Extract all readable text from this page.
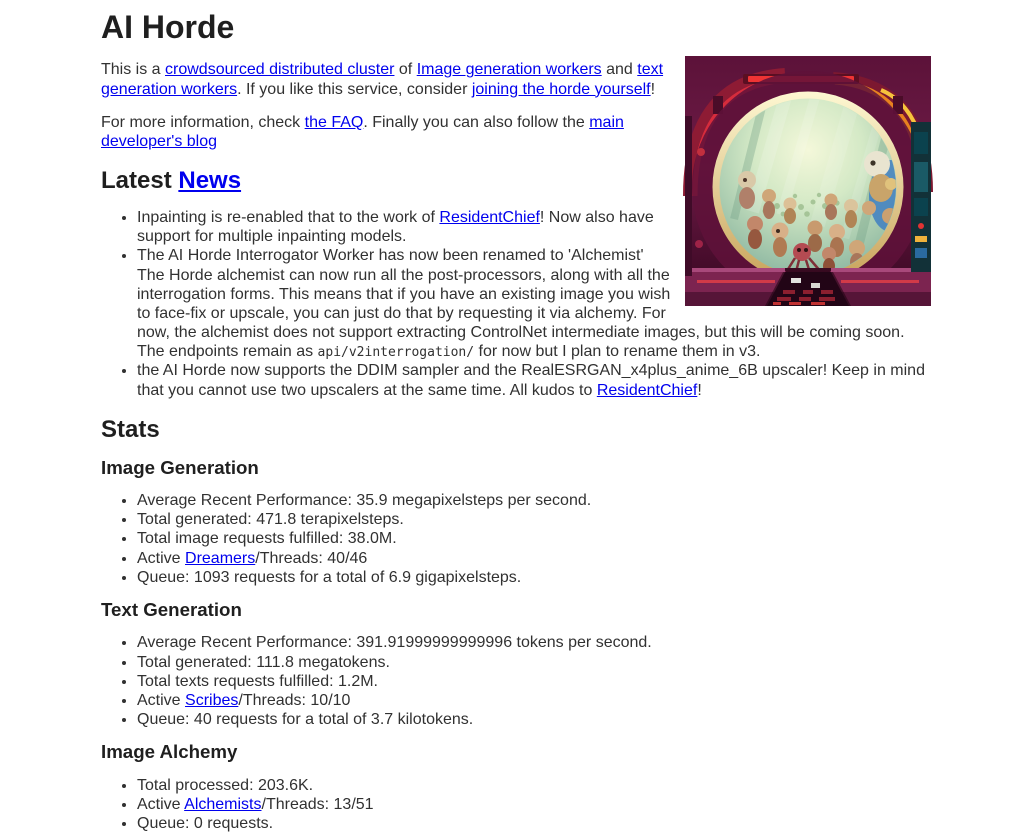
AI Horde

This is a crowdsourced distributed cluster of Image generation workers and text generation workers. If you like this service, consider joining the horde yourself!

For more information, check the FAQ. Finally you can also follow the main developer's blog

Latest News
• Inpainting is re-enabled that to the work of ResidentChief! Now also have support for multiple inpainting models.
• The AI Horde Interrogator Worker has now been renamed to 'Alchemist' The Horde alchemist can now run all the post-processors, along with all the interrogation forms. This means that if you have an existing image you wish to face-fix or upscale, you can just do that by requesting it via alchemy. For now, the alchemist does not support extracting ControlNet intermediate images, but this will be coming soon. The endpoints remain as api/v2interrogation/ for now but I plan to rename them in v3.
• the AI Horde now supports the DDIM sampler and the RealESRGAN_x4plus_anime_6B upscaler! Keep in mind that you cannot use two upscalers at the same time. All kudos to ResidentChief!
Stats
Image Generation
• Average Recent Performance: 35.9 megapixelsteps per second.
• Total generated: 471.8 terapixelsteps.
• Total image requests fulfilled: 38.0M.
• Active Dreamers/Threads: 40/46
• Queue: 1093 requests for a total of 6.9 gigapixelsteps.
Text Generation
• Average Recent Performance: 391.91999999999996 tokens per second.
• Total generated: 111.8 megatokens.
• Total texts requests fulfilled: 1.2M.
• Active Scribes/Threads: 10/10
• Queue: 40 requests for a total of 3.7 kilotokens.
Image Alchemy
• Total processed: 203.6K.
• Active Alchemists/Threads: 13/51
• Queue: 0 requests.
